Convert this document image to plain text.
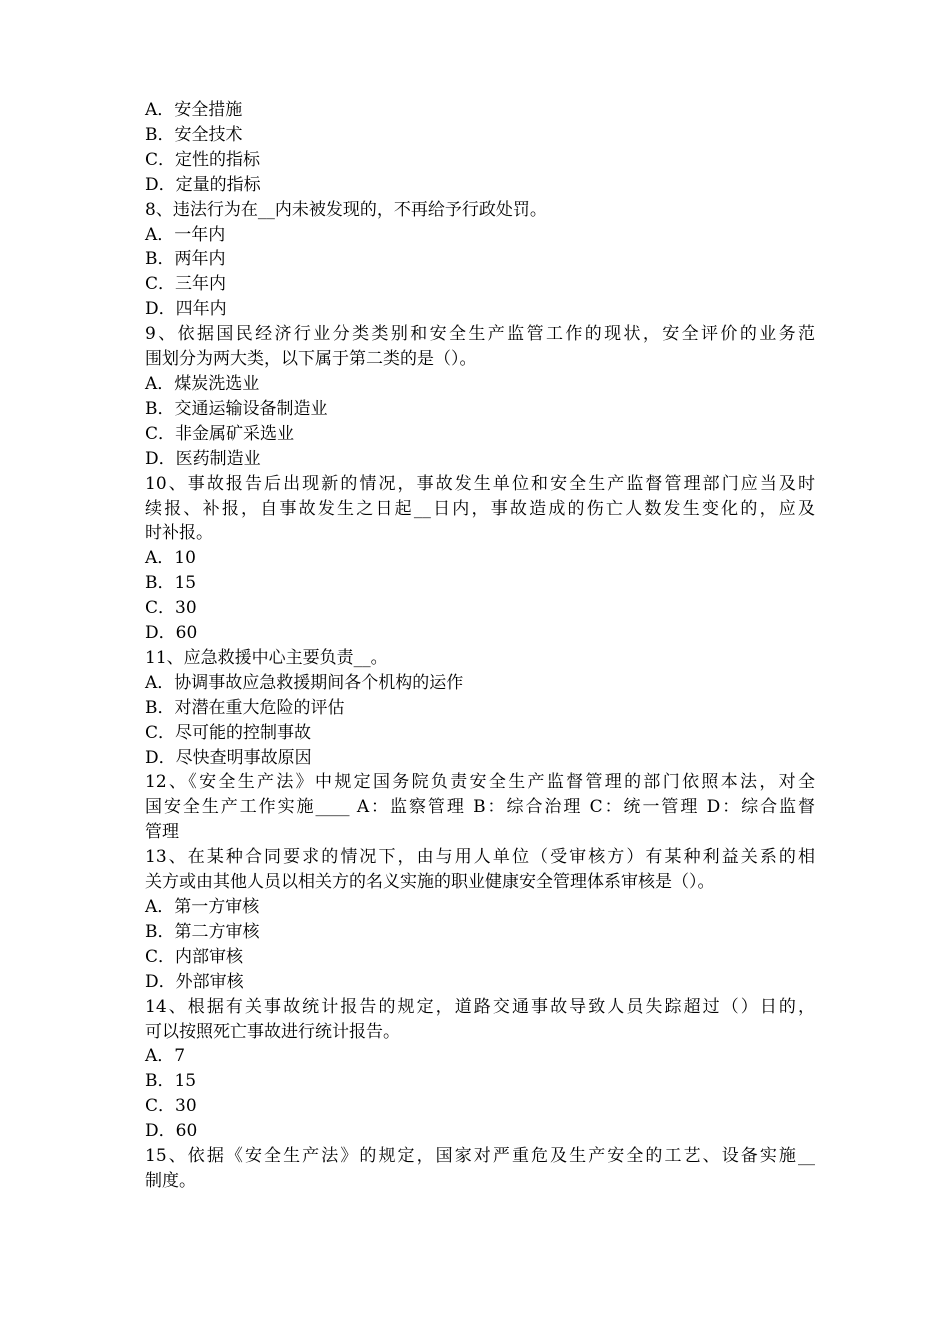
A．安全措施
B．安全技术
C．定性的指标
D．定量的指标
8、违法行为在__内未被发现的，不再给予行政处罚。
A．一年内
B．两年内
C．三年内
D．四年内
9、依据国民经济行业分类类别和安全生产监管工作的现状，安全评价的业务范
围划分为两大类，以下属于第二类的是（）。
A．煤炭洗选业
B．交通运输设备制造业
C．非金属矿采选业
D．医药制造业
10、事故报告后出现新的情况，事故发生单位和安全生产监督管理部门应当及时
续报、补报，自事故发生之日起__日内，事故造成的伤亡人数发生变化的，应及
时补报。
A．10
B．15
C．30
D．60
11、应急救援中心主要负责__。
A．协调事故应急救援期间各个机构的运作
B．对潜在重大危险的评估
C．尽可能的控制事故
D．尽快查明事故原因
12、《安全生产法》中规定国务院负责安全生产监督管理的部门依照本法，对全
国安全生产工作实施____ A：监察管理 B：综合治理 C：统一管理 D：综合监督
管理
13、在某种合同要求的情况下，由与用人单位（受审核方）有某种利益关系的相
关方或由其他人员以相关方的名义实施的职业健康安全管理体系审核是（）。
A．第一方审核
B．第二方审核
C．内部审核
D．外部审核
14、根据有关事故统计报告的规定，道路交通事故导致人员失踪超过（）日的，
可以按照死亡事故进行统计报告。
A．7
B．15
C．30
D．60
15、依据《安全生产法》的规定，国家对严重危及生产安全的工艺、设备实施__
制度。
